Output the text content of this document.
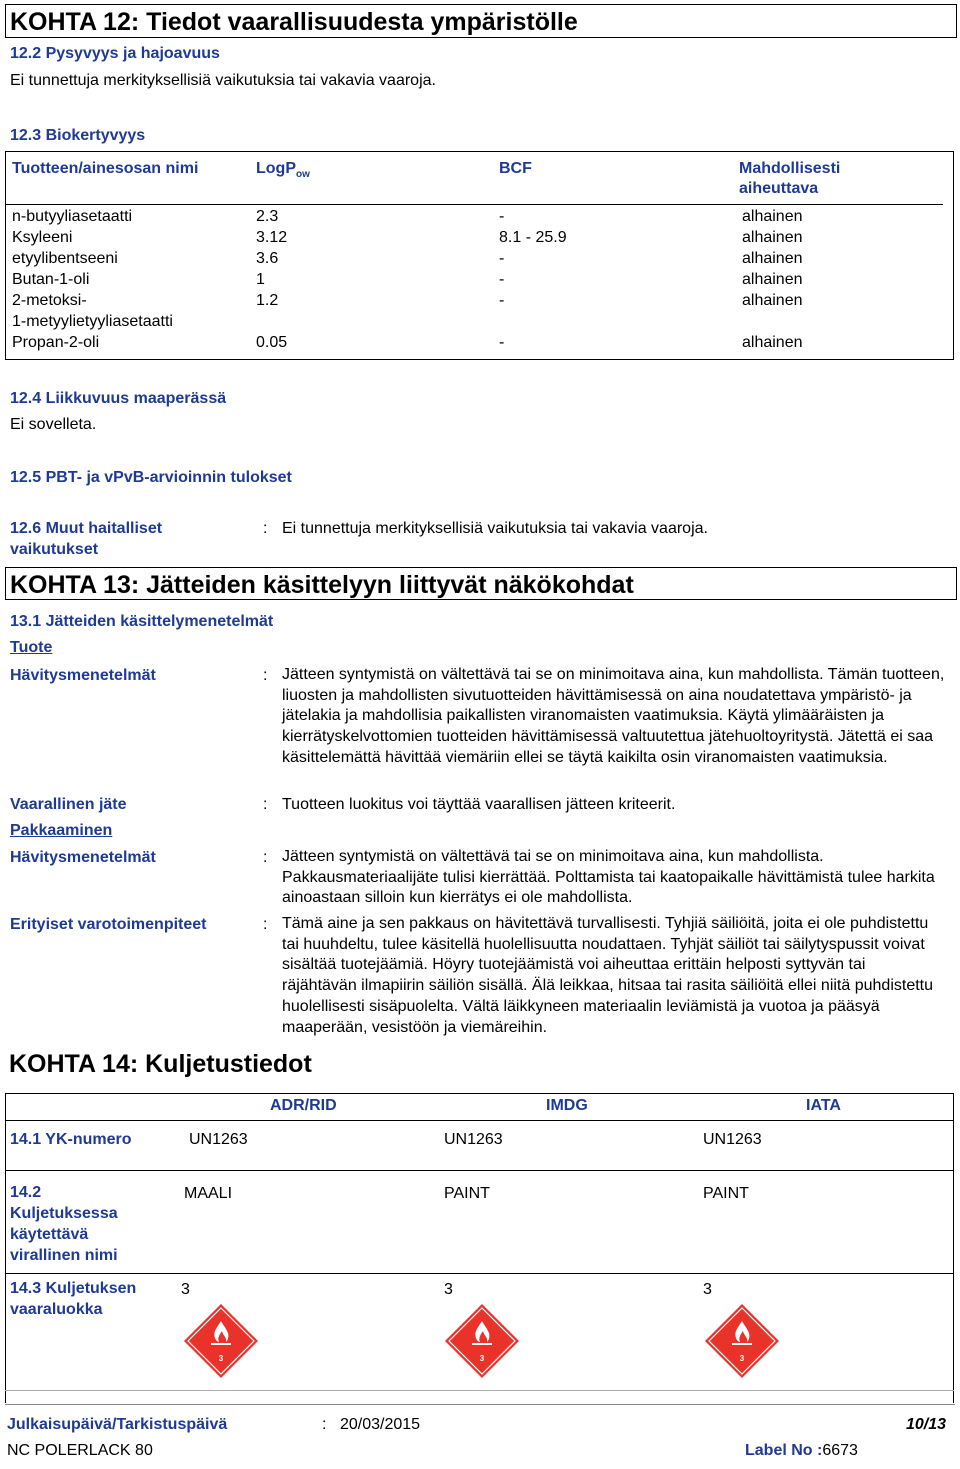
KOHTA 12: Tiedot vaarallisuudesta ympäristölle
12.2 Pysyvyys ja hajoavuus
Ei tunnettuja merkityksellisiä vaikutuksia tai vakavia vaaroja.
12.3 Biokertyvyys
Tuotteen/ainesosan nimi	LogP$_{ow}$	BCF	Mahdollisesti
aiheuttava
n-butyyliasetaatti	2.3	-	alhainen
Ksyleeni	3.12	8.1 - 25.9	alhainen
etyylibentseeni	3.6	-	alhainen
Butan-1-oli	1	-	alhainen
2-metoksi-	1.2	-	alhainen
1-metyylietyyliasetaatti
Propan-2-oli	0.05	-	alhainen
12.4 Liikkuvuus maaperässä
Ei sovelleta.
12.5 PBT- ja vPvB-arvioinnin tulokset
12.6 Muut haitalliset
vaikutukset
: Ei tunnettuja merkityksellisiä vaikutuksia tai vakavia vaaroja.
KOHTA 13: Jätteiden käsittelyyn liittyvät näkökohdat
13.1 Jätteiden käsittelymenetelmät
Tuote
Hävitysmenetelmät	: Jätteen syntymistä on vältettävä tai se on minimoitava aina, kun mahdollista. Tämän tuotteen, liuosten ja mahdollisten sivutuotteiden hävittämisessä on aina noudatettava ympäristö- ja jätelakia ja mahdollisia paikallisten viranomaisten vaatimuksia. Käytä ylimääräisten ja kierrätyskelvottomien tuotteiden hävittämisessä valtuutettua jätehuoltoyritystä. Jätettä ei saa käsittelemättä hävittää viemäriin ellei se täytä kaikilta osin viranomaisten vaatimuksia.
Vaarallinen jäte	: Tuotteen luokitus voi täyttää vaarallisen jätteen kriteerit.
Pakkaaminen
Hävitysmenetelmät	: Jätteen syntymistä on vältettävä tai se on minimoitava aina, kun mahdollista. Pakkausmateriaalijäte tulisi kierrättää. Polttamista tai kaatopaikalle hävittämistä tulee harkita ainoastaan silloin kun kierrätys ei ole mahdollista.
Erityiset varotoimenpiteet	: Tämä aine ja sen pakkaus on hävitettävä turvallisesti. Tyhjiä säiliöitä, joita ei ole puhdistettu tai huuhdeltu, tulee käsitellä huolellisuutta noudattaen. Tyhjät säiliöt tai säilytyspussit voivat sisältää tuotejäämiä. Höyry tuotejäämistä voi aiheuttaa erittäin helposti syttyvän tai räjähtävän ilmapiirin säiliön sisällä. Älä leikkaa, hitsaa tai rasita säiliöitä ellei niitä puhdistettu huolellisesti sisäpuolelta. Vältä läikkyneen materiaalin leviämistä ja vuotoa ja pääsyä maaperään, vesistöön ja viemäreihin.
KOHTA 14: Kuljetustiedot
ADR/RID	IMDG	IATA
14.1 YK-numero	UN1263	UN1263	UN1263
14.2
Kuljetuksessa
käytettävä
virallinen nimi
MAALI	PAINT	PAINT
14.3 Kuljetuksen
vaaraluokka
3	3	3
3	3	3
Julkaisupäivä/Tarkistuspäivä	: 20/03/2015	10/13
NC POLERLACK 80	Label No :6673
